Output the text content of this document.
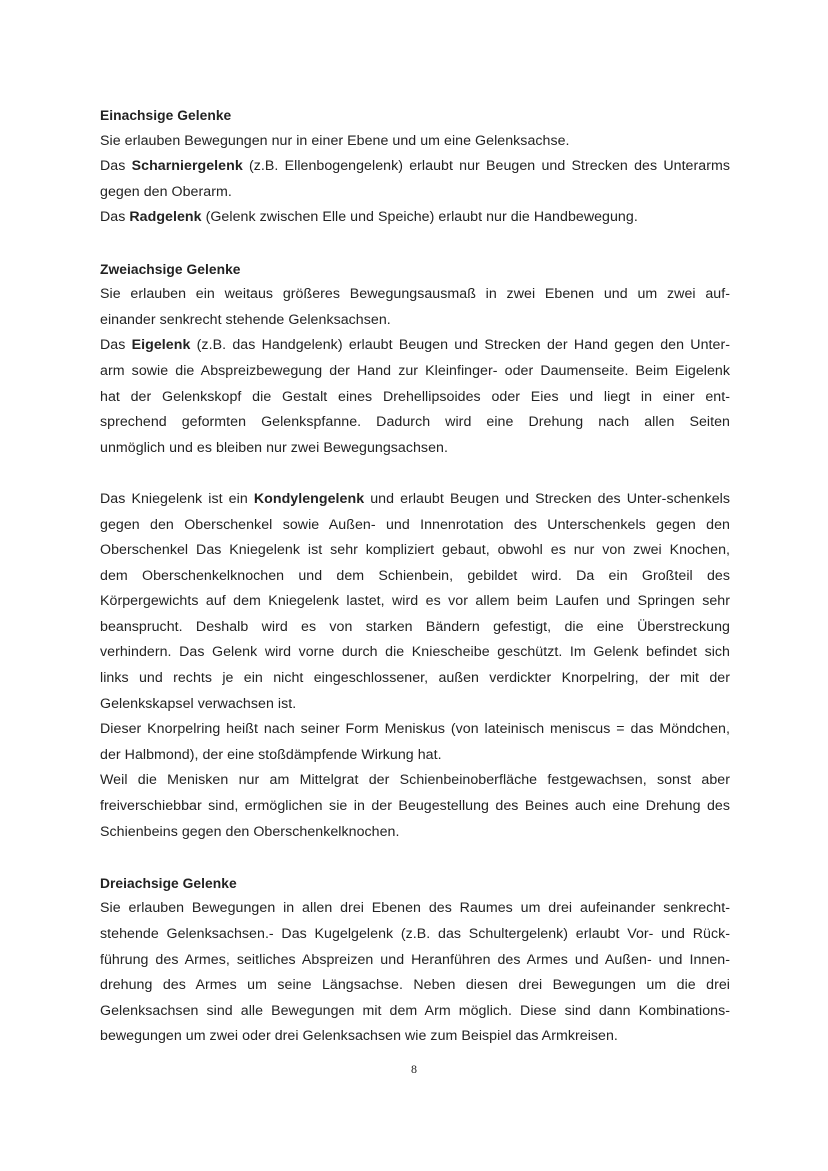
Einachsige Gelenke
Sie erlauben Bewegungen nur in einer Ebene und um eine Gelenksachse.
Das Scharniergelenk (z.B. Ellenbogengelenk) erlaubt nur Beugen und Strecken des Unterarms
gegen den Oberarm.
Das Radgelenk (Gelenk zwischen Elle und Speiche) erlaubt nur die Handbewegung.
Zweiachsige Gelenke
Sie erlauben ein weitaus größeres Bewegungsausmaß in zwei Ebenen und um zwei auf-
einander senkrecht stehende Gelenksachsen.
Das Eigelenk (z.B. das Handgelenk) erlaubt Beugen und Strecken der Hand gegen den Unter-
arm sowie die Abspreizbewegung der Hand zur Kleinfinger- oder Daumenseite. Beim Eigelenk
hat der Gelenkskopf die Gestalt eines Drehellipsoides oder Eies und liegt in einer ent-
sprechend geformten Gelenkspfanne. Dadurch wird eine Drehung nach allen Seiten
unmöglich und es bleiben nur zwei Bewegungsachsen.
Das Kniegelenk ist ein Kondylengelenk und erlaubt Beugen und Strecken des Unter-schenkels
gegen den Oberschenkel sowie Außen- und Innenrotation des Unterschenkels gegen den
Oberschenkel Das Kniegelenk ist sehr kompliziert gebaut, obwohl es nur von zwei Knochen,
dem Oberschenkelknochen und dem Schienbein, gebildet wird. Da ein Großteil des
Körpergewichts auf dem Kniegelenk lastet, wird es vor allem beim Laufen und Springen sehr
beansprucht. Deshalb wird es von starken Bändern gefestigt, die eine Überstreckung
verhindern. Das Gelenk wird vorne durch die Kniescheibe geschützt. Im Gelenk befindet sich
links und rechts je ein nicht eingeschlossener, außen verdickter Knorpelring, der mit der
Gelenkskapsel verwachsen ist.
Dieser Knorpelring heißt nach seiner Form Meniskus (von lateinisch meniscus = das Möndchen,
der Halbmond), der eine stoßdämpfende Wirkung hat.
Weil die Menisken nur am Mittelgrat der Schienbeinoberfläche festgewachsen, sonst aber
freiverschiebbar sind, ermöglichen sie in der Beugestellung des Beines auch eine Drehung des
Schienbeins gegen den Oberschenkelknochen.
Dreiachsige Gelenke
Sie erlauben Bewegungen in allen drei Ebenen des Raumes um drei aufeinander senkrecht-
stehende Gelenksachsen.- Das Kugelgelenk (z.B. das Schultergelenk) erlaubt Vor- und Rück-
führung des Armes, seitliches Abspreizen und Heranführen des Armes und Außen- und Innen-
drehung des Armes um seine Längsachse. Neben diesen drei Bewegungen um die drei
Gelenksachsen sind alle Bewegungen mit dem Arm möglich. Diese sind dann Kombinations-
bewegungen um zwei oder drei Gelenksachsen wie zum Beispiel das Armkreisen.
8
